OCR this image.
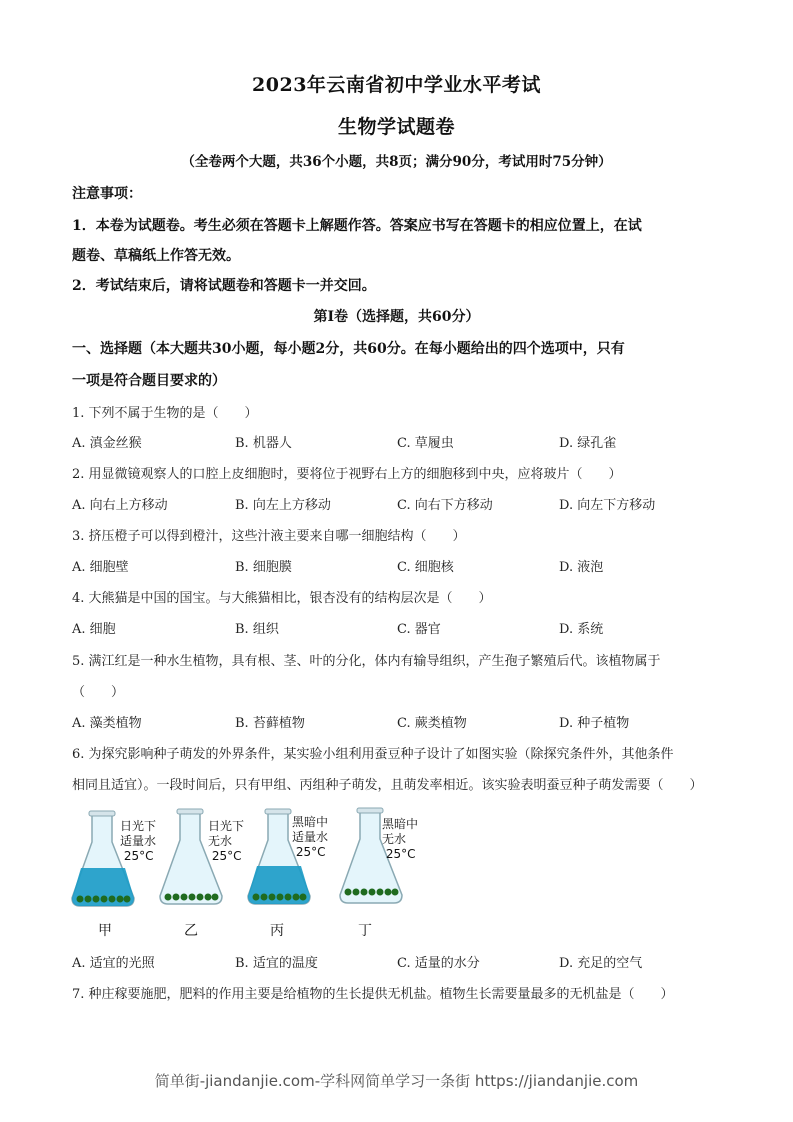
2023年云南省初中学业水平考试
生物学试题卷
（全卷两个大题，共36个小题，共8页；满分90分，考试用时75分钟）
注意事项：
1．本卷为试题卷。考生必须在答题卡上解题作答。答案应书写在答题卡的相应位置上，在试
题卷、草稿纸上作答无效。
2．考试结束后，请将试题卷和答题卡一并交回。
第Ⅰ卷（选择题，共60分）
一、选择题（本大题共30小题，每小题2分，共60分。在每小题给出的四个选项中，只有
一项是符合题目要求的）
1. 下列不属于生物的是（　　）
A. 滇金丝猴	B. 机器人	C. 草履虫	D. 绿孔雀
2. 用显微镜观察人的口腔上皮细胞时，要将位于视野右上方的细胞移到中央，应将玻片（　　）
A. 向右上方移动	B. 向左上方移动	C. 向右下方移动	D. 向左下方移动
3. 挤压橙子可以得到橙汁，这些汁液主要来自哪一细胞结构（　　）
A. 细胞壁	B. 细胞膜	C. 细胞核	D. 液泡
4. 大熊猫是中国的国宝。与大熊猫相比，银杏没有的结构层次是（　　）
A. 细胞	B. 组织	C. 器官	D. 系统
5. 满江红是一种水生植物，具有根、茎、叶的分化，体内有输导组织，产生孢子繁殖后代。该植物属于
（　　）
A. 藻类植物	B. 苔藓植物	C. 蕨类植物	D. 种子植物
6. 为探究影响种子萌发的外界条件，某实验小组利用蚕豆种子设计了如图实验（除探究条件外，其他条件
相同且适宜）。一段时间后，只有甲组、丙组种子萌发，且萌发率相近。该实验表明蚕豆种子萌发需要（　　）
日光下
适量水
25°C
甲
日光下
无水
25°C
乙
黑暗中
适量水
25°C
丙
黑暗中
无水
25°C
丁
A. 适宜的光照	B. 适宜的温度	C. 适量的水分	D. 充足的空气
7. 种庄稼要施肥，肥料的作用主要是给植物的生长提供无机盐。植物生长需要量最多的无机盐是（　　）
简单街-jiandanjie.com-学科网简单学习一条街 https://jiandanjie.com
